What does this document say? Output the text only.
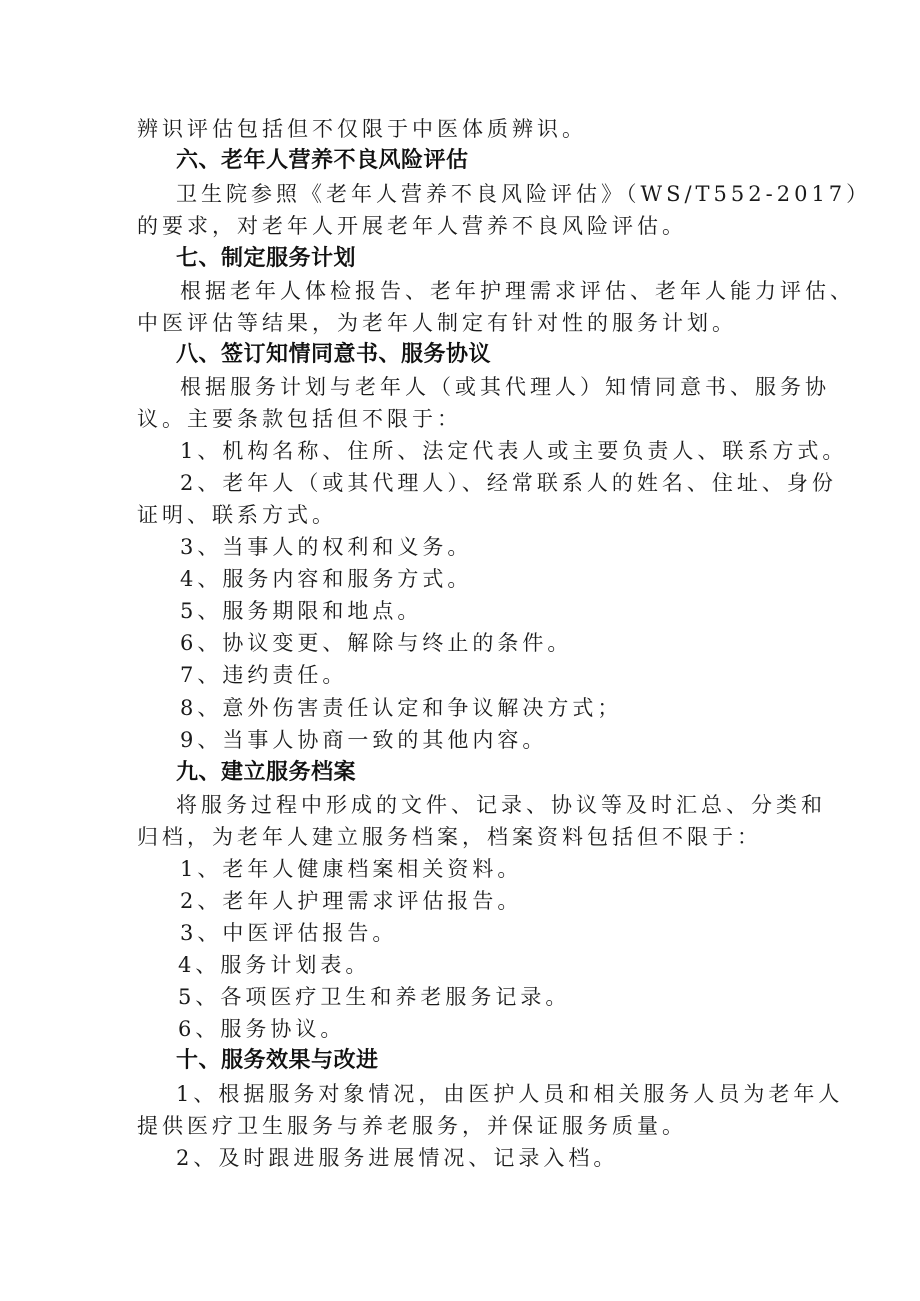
辨识评估包括但不仅限于中医体质辨识。
六、老年人营养不良风险评估
卫生院参照《老年人营养不良风险评估》（WS/T552-2017）
的要求，对老年人开展老年人营养不良风险评估。
七、制定服务计划
根据老年人体检报告、老年护理需求评估、老年人能力评估、
中医评估等结果，为老年人制定有针对性的服务计划。
八、签订知情同意书、服务协议
根据服务计划与老年人（或其代理人）知情同意书、服务协
议。主要条款包括但不限于：
1、机构名称、住所、法定代表人或主要负责人、联系方式。
2、老年人（或其代理人）、经常联系人的姓名、住址、身份
证明、联系方式。
3、当事人的权利和义务。
4、服务内容和服务方式。
5、服务期限和地点。
6、协议变更、解除与终止的条件。
7、违约责任。
8、意外伤害责任认定和争议解决方式；
9、当事人协商一致的其他内容。
九、建立服务档案
将服务过程中形成的文件、记录、协议等及时汇总、分类和
归档，为老年人建立服务档案，档案资料包括但不限于：
1、老年人健康档案相关资料。
2、老年人护理需求评估报告。
3、中医评估报告。
4、服务计划表。
5、各项医疗卫生和养老服务记录。
6、服务协议。
十、服务效果与改进
1、根据服务对象情况，由医护人员和相关服务人员为老年人
提供医疗卫生服务与养老服务，并保证服务质量。
2、及时跟进服务进展情况、记录入档。
